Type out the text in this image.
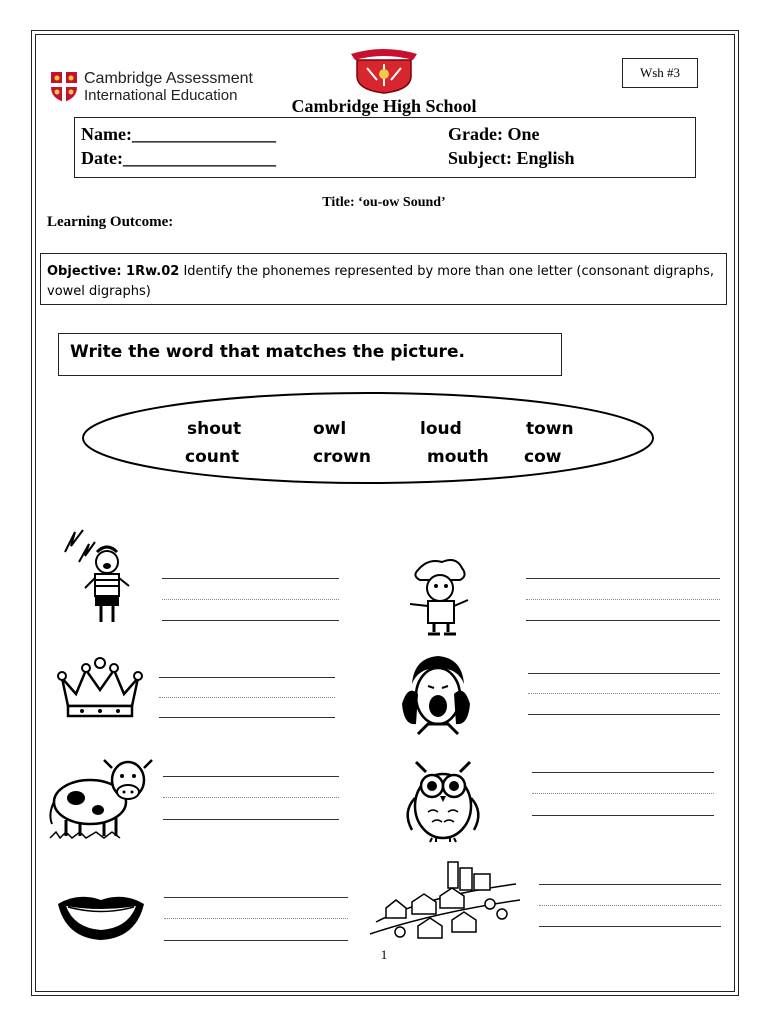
Cambridge Assessment
International Education
Wsh #3
Cambridge High School
Name:________________
Date:_________________
Grade: One
Subject: English
Title: ‘ou-ow Sound’
Learning Outcome:
Objective: 1Rw.02 Identify the phonemes represented by more than one letter (consonant digraphs, vowel digraphs)
Write the word that matches the picture.
shout	owl	loud	town
count	crown	mouth cow
1
